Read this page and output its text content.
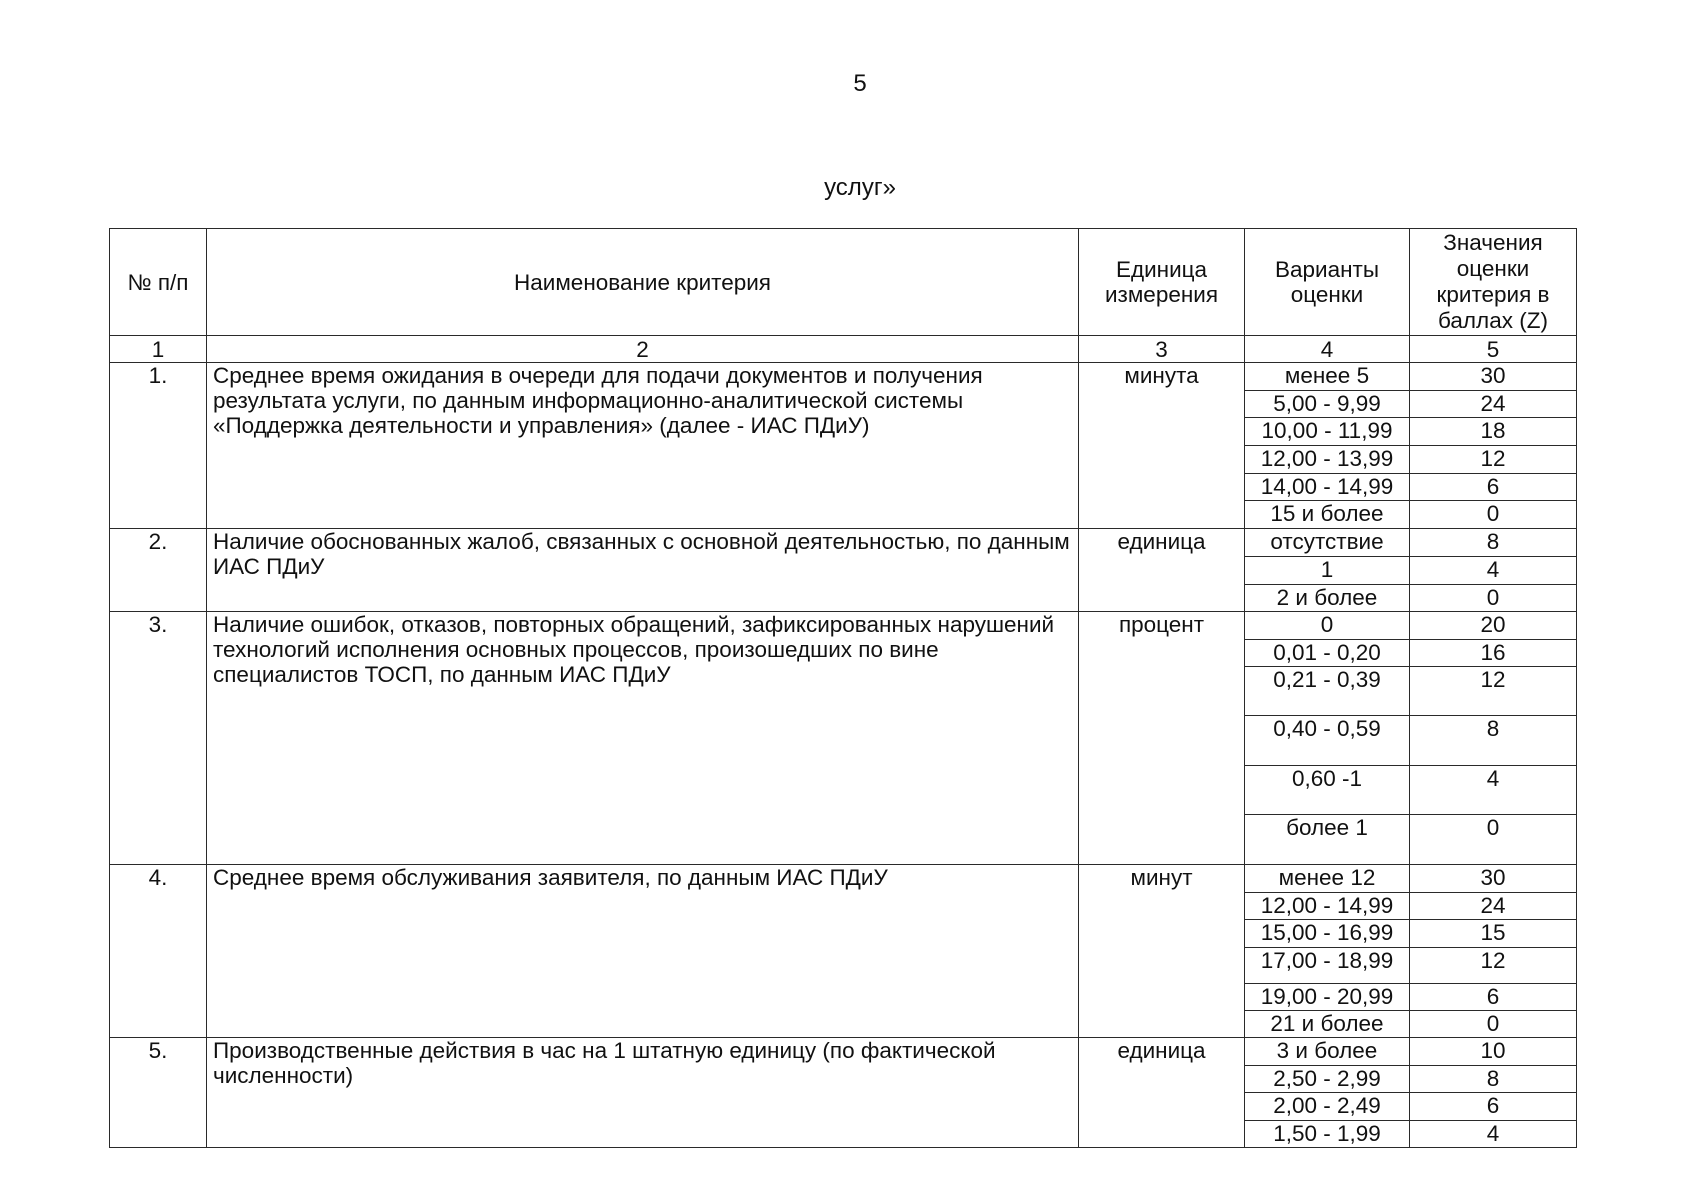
5
услуг»
№ п/п	Наименование критерия	Единица измерения	Варианты оценки	Значения оценки критерия в баллах (Z)
1	2	3	4	5
1.	Среднее время ожидания в очереди для подачи документов и получения результата услуги, по данным информационно-аналитической системы «Поддержка деятельности и управления» (далее - ИАС ПДиУ)	минута	менее 5	30
			5,00 - 9,99	24
			10,00 - 11,99	18
			12,00 - 13,99	12
			14,00 - 14,99	6
			15 и более	0
2.	Наличие обоснованных жалоб, связанных с основной деятельностью, по данным ИАС ПДиУ	единица	отсутствие	8
			1	4
			2 и более	0
3.	Наличие ошибок, отказов, повторных обращений, зафиксированных нарушений технологий исполнения основных процессов, произошедших по вине специалистов ТОСП, по данным ИАС ПДиУ	процент	0	20
			0,01 - 0,20	16
			0,21 - 0,39	12
			0,40 - 0,59	8
			0,60 -1	4
			более 1	0
4.	Среднее время обслуживания заявителя, по данным ИАС ПДиУ	минут	менее 12	30
			12,00 - 14,99	24
			15,00 - 16,99	15
			17,00 - 18,99	12
			19,00 - 20,99	6
			21 и более	0
5.	Производственные действия в час на 1 штатную единицу (по фактической численности)	единица	3 и более	10
			2,50 - 2,99	8
			2,00 - 2,49	6
			1,50 - 1,99	4
